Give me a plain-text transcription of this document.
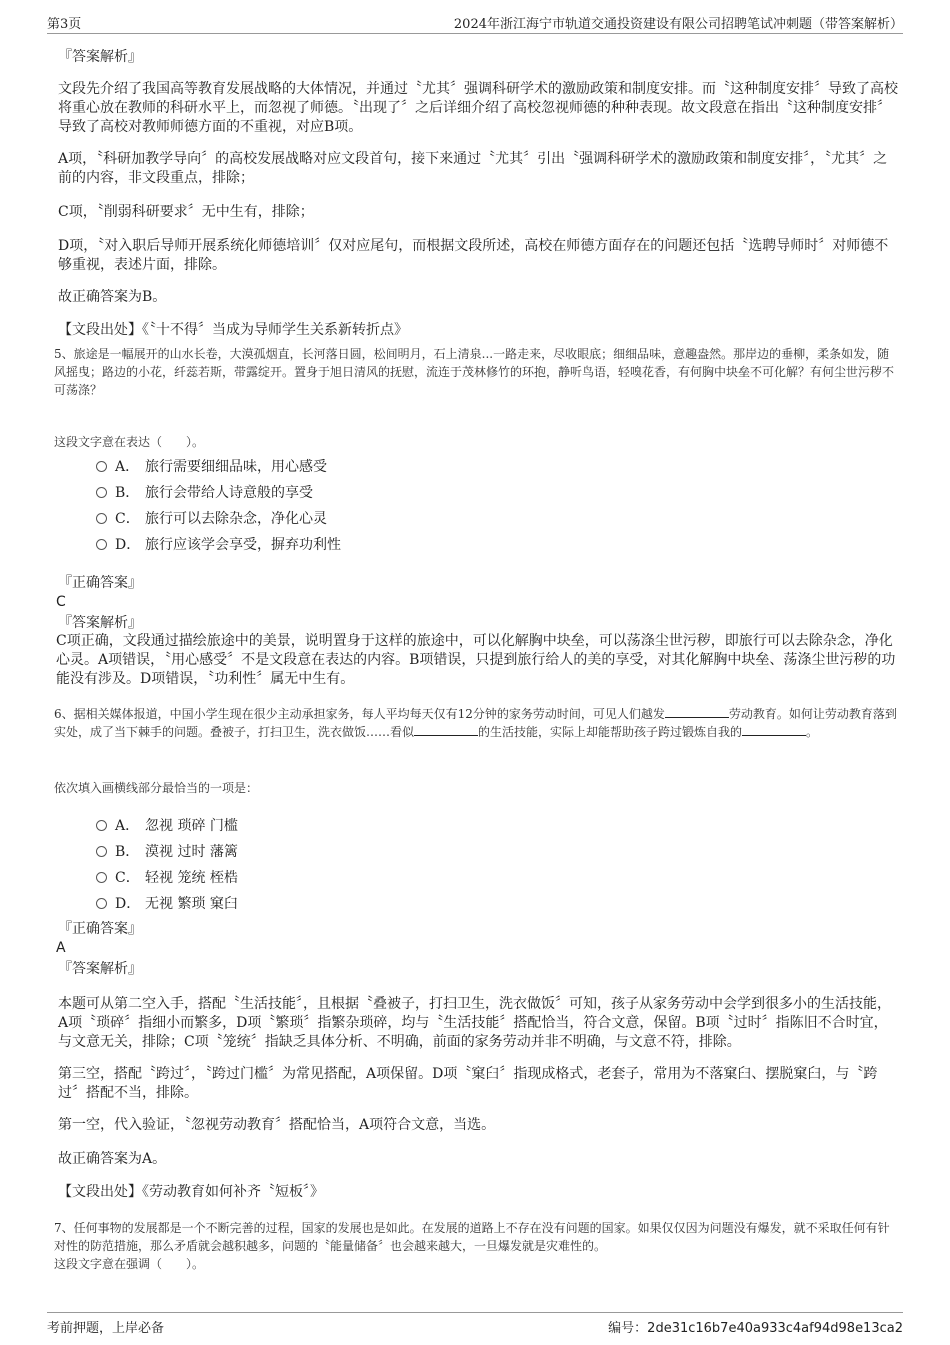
第3页	2024年浙江海宁市轨道交通投资建设有限公司招聘笔试冲刺题（带答案解析）
『答案解析』
文段先介绍了我国高等教育发展战略的大体情况，并通过〝尤其〞强调科研学术的激励政策和制度安排。而〝这种制度安排〞导致了高校将重心放在教师的科研水平上，而忽视了师德。〝出现了〞之后详细介绍了高校忽视师德的种种表现。故文段意在指出〝这种制度安排〞导致了高校对教师师德方面的不重视，对应B项。
A项，〝科研加教学导向〞的高校发展战略对应文段首句，接下来通过〝尤其〞引出〝强调科研学术的激励政策和制度安排〞，〝尤其〞之前的内容，非文段重点，排除；
C项，〝削弱科研要求〞无中生有，排除；
D项，〝对入职后导师开展系统化师德培训〞仅对应尾句，而根据文段所述，高校在师德方面存在的问题还包括〝选聘导师时〞对师德不够重视，表述片面，排除。
故正确答案为B。
【文段出处】《〝十不得〞当成为导师学生关系新转折点》
5、旅途是一幅展开的山水长卷，大漠孤烟直，长河落日圆，松间明月，石上清泉...一路走来，尽收眼底；细细品味，意趣盎然。那岸边的垂柳，柔条如发，随风摇曳；路边的小花，纤蕊若斯，带露绽开。置身于旭日清风的抚慰，流连于茂林修竹的环抱，静听鸟语，轻嗅花香，有何胸中块垒不可化解？有何尘世污秽不可荡涤？
这段文字意在表达（　　）。
A． 旅行需要细细品味，用心感受
B． 旅行会带给人诗意般的享受
C． 旅行可以去除杂念，净化心灵
D． 旅行应该学会享受，摒弃功利性
『正确答案』
C
『答案解析』
C项正确，文段通过描绘旅途中的美景，说明置身于这样的旅途中，可以化解胸中块垒，可以荡涤尘世污秽，即旅行可以去除杂念，净化心灵。A项错误，〝用心感受〞不是文段意在表达的内容。B项错误，只提到旅行给人的美的享受，对其化解胸中块垒、荡涤尘世污秽的功能没有涉及。D项错误，〝功利性〞属无中生有。
6、据相关媒体报道，中国小学生现在很少主动承担家务，每人平均每天仅有12分钟的家务劳动时间，可见人们越发	劳动教育。如何让劳动教育落到实处，成了当下棘手的问题。叠被子，打扫卫生，洗衣做饭……看似	的生活技能，实际上却能帮助孩子跨过锻炼自我的	。
依次填入画横线部分最恰当的一项是：
A． 忽视 琐碎 门槛
B． 漠视 过时 藩篱
C． 轻视 笼统 桎梏
D． 无视 繁琐 窠臼
『正确答案』
A
『答案解析』
本题可从第二空入手，搭配〝生活技能〞，且根据〝叠被子，打扫卫生，洗衣做饭〞可知，孩子从家务劳动中会学到很多小的生活技能，A项〝琐碎〞指细小而繁多，D项〝繁琐〞指繁杂琐碎，均与〝生活技能〞搭配恰当，符合文意，保留。B项〝过时〞指陈旧不合时宜，与文意无关，排除；C项〝笼统〞指缺乏具体分析、不明确，前面的家务劳动并非不明确，与文意不符，排除。
第三空，搭配〝跨过〞，〝跨过门槛〞为常见搭配，A项保留。D项〝窠臼〞指现成格式，老套子，常用为不落窠臼、摆脱窠臼，与〝跨过〞搭配不当，排除。
第一空，代入验证，〝忽视劳动教育〞搭配恰当，A项符合文意，当选。
故正确答案为A。
【文段出处】《劳动教育如何补齐〝短板〞》
7、任何事物的发展都是一个不断完善的过程，国家的发展也是如此。在发展的道路上不存在没有问题的国家。如果仅仅因为问题没有爆发，就不采取任何有针对性的防范措施，那么矛盾就会越积越多，问题的〝能量储备〞也会越来越大，一旦爆发就是灾难性的。
这段文字意在强调（　　）。
考前押题，上岸必备	编号：2de31c16b7e40a933c4af94d98e13ca2
